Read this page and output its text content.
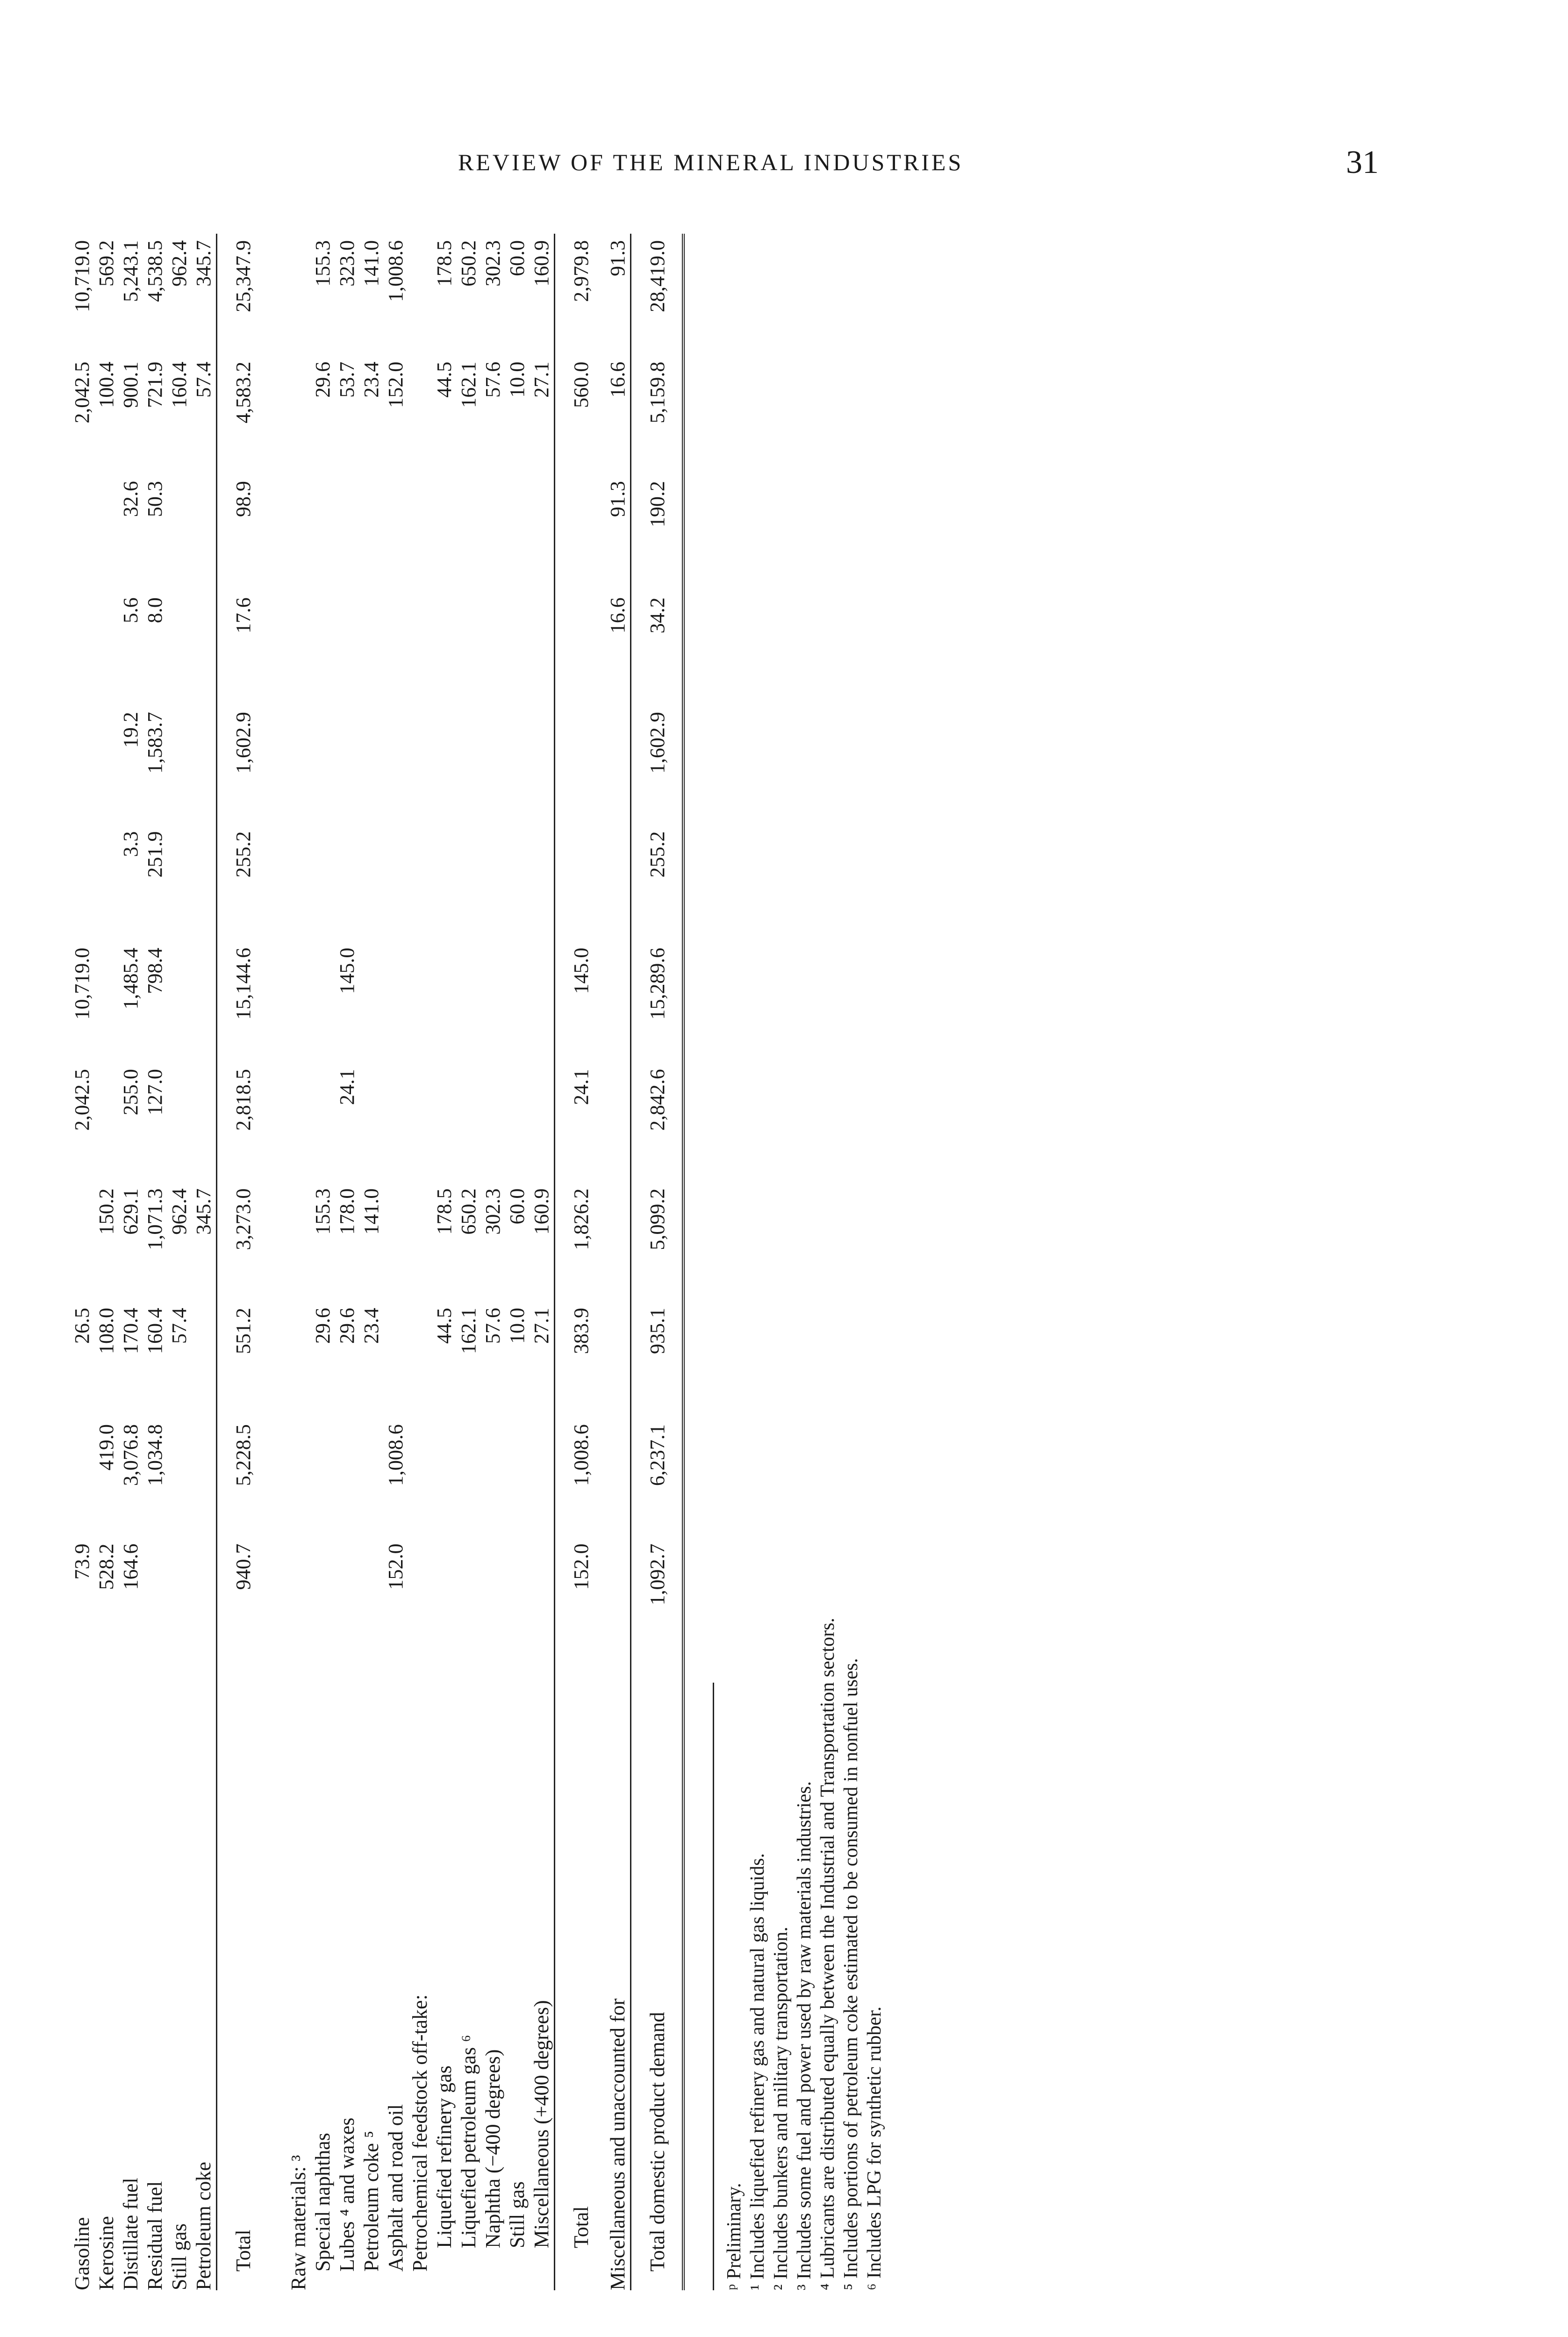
REVIEW OF THE MINERAL INDUSTRIES	31
Gasoline	73.9		26.5		2,042.5	10,719.0					2,042.5	10,719.0
Kerosine	528.2	419.0	108.0	150.2							100.4	569.2
Distillate fuel	164.6	3,076.8	170.4	629.1	255.0	1,485.4	3.3	19.2	5.6	32.6	900.1	5,243.1
Residual fuel		1,034.8	160.4	1,071.3	127.0	798.4	251.9	1,583.7	8.0	50.3	721.9	4,538.5
Still gas			57.4	962.4							160.4	962.4
Petroleum coke				345.7							57.4	345.7
Total	940.7	5,228.5	551.2	3,273.0	2,818.5	15,144.6	255.2	1,602.9	17.6	98.9	4,583.2	25,347.9
Raw materials: ³												
Special naphthas			29.6	155.3							29.6	155.3
Lubes ⁴ and waxes			29.6	178.0	24.1	145.0					53.7	323.0
Petroleum coke ⁵			23.4	141.0							23.4	141.0
Asphalt and road oil	152.0	1,008.6									152.0	1,008.6
Petrochemical feedstock off-take:												
Liquefied refinery gas			44.5	178.5							44.5	178.5
Liquefied petroleum gas ⁶			162.1	650.2							162.1	650.2
Naphtha (−400 degrees)			57.6	302.3							57.6	302.3
Still gas			10.0	60.0							10.0	60.0
Miscellaneous (+400 degrees)			27.1	160.9							27.1	160.9
Total	152.0	1,008.6	383.9	1,826.2	24.1	145.0					560.0	2,979.8
Miscellaneous and unaccounted for									16.6	91.3	16.6	91.3
Total domestic product demand	1,092.7	6,237.1	935.1	5,099.2	2,842.6	15,289.6	255.2	1,602.9	34.2	190.2	5,159.8	28,419.0
ᵖ Preliminary. ¹ Includes liquefied refinery gas and natural gas liquids. ² Includes bunkers and military transportation. ³ Includes some fuel and power used by raw materials industries. ⁴ Lubricants are distributed equally between the Industrial and Transportation sectors. ⁵ Includes portions of petroleum coke estimated to be consumed in nonfuel uses. ⁶ Includes LPG for synthetic rubber.
